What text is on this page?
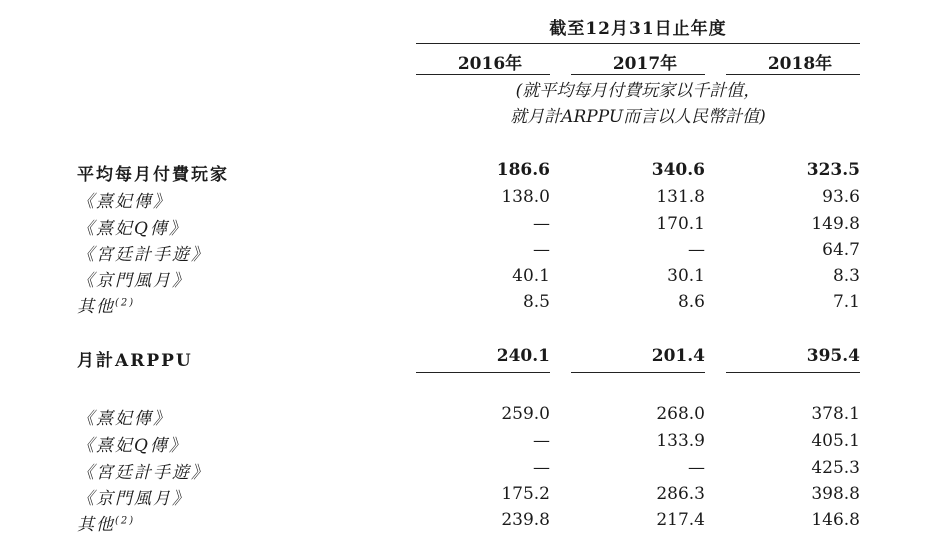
截至12月31日止年度
2016年	2017年	2018年
(就平均每月付費玩家以千計值，
就月計ARPPU而言以人民幣計值)
平均每月付費玩家	186.6	340.6	323.5
《熹妃傳》	138.0	131.8	93.6
《熹妃Q傳》	—	170.1	149.8
《宮廷計手遊》	—	—	64.7
《京門風月》	40.1	30.1	8.3
其他$^{(2)}$	8.5	8.6	7.1
月計ARPPU	240.1	201.4	395.4
《熹妃傳》	259.0	268.0	378.1
《熹妃Q傳》	—	133.9	405.1
《宮廷計手遊》	—	—	425.3
《京門風月》	175.2	286.3	398.8
其他$^{(2)}$	239.8	217.4	146.8
